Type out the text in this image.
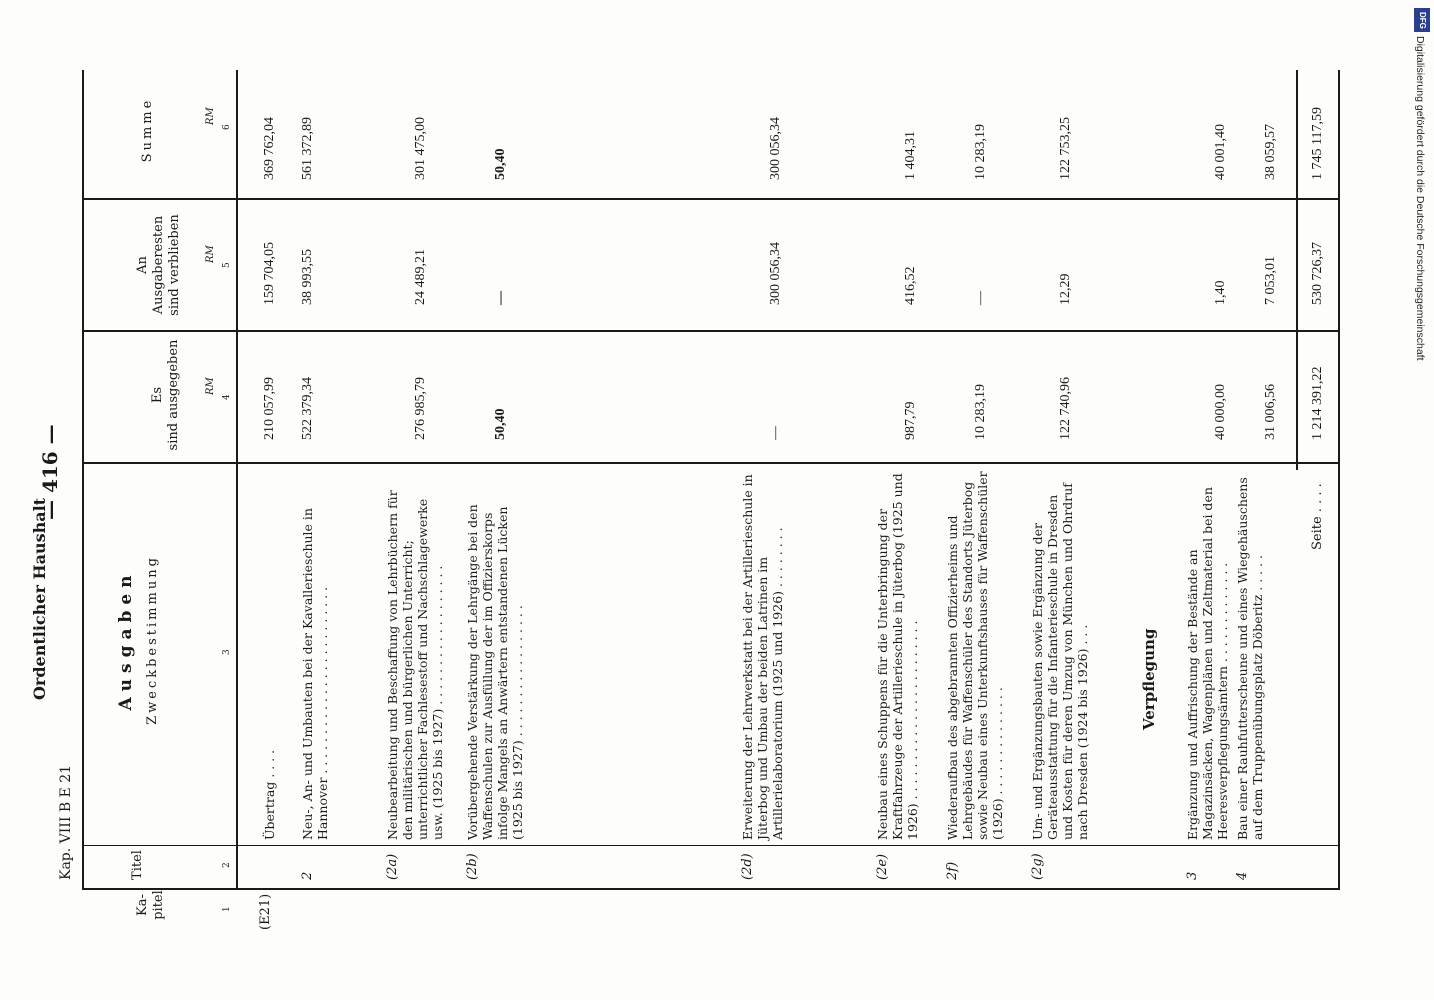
DFG
Digitalisierung gefördert durch die Deutsche Forschungsgemeinschaft
Ordentlicher Haushalt
Kap. VIII B E 21
— 416 —
Ka-
pitel
Titel
Ausgaben Zweckbestimmung
Es
sind ausgegeben
An
Ausgaberesten
sind verblieben
Summe
1
2
3
4
5
6
RM
RM
RM
(E21)
Übertrag . . . .
210 057,99
159 704,05
369 762,04
2
Neu-, An- und Umbauten bei der Kavallerieschule in Hannover . . . . . . . . . . . . . . . . . . . . . . . .
522 379,34
38 993,55
561 372,89
(2a)
Neubearbeitung und Beschaffung von Lehrbüchern für den militärischen und bürgerlichen Unterricht; unterrichtlicher Fachlesestoff und Nachschlagewerke usw. (1925 bis 1927) . . . . . . . . . . . . . . . . . .
276 985,79
24 489,21
301 475,00
(2b)
Vorübergehende Verstärkung der Lehrgänge bei den Waffenschulen zur Ausfüllung der im Offizierskorps infolge Mangels an Anwärtern entstandenen Lücken (1925 bis 1927) . . . . . . . . . . . . . . . . .
50,40
—
50,40
(2d)
Erweiterung der Lehrwerkstatt bei der Artillerieschule in Jüterbog und Umbau der beiden Latrinen im Artillerielaboratorium (1925 und 1926) . . . . . . . .
—
300 056,34
300 056,34
(2e)
Neubau eines Schuppens für die Unterbringung der Kraftfahrzeuge der Artillerieschule in Jüterbog (1925 und 1926) . . . . . . . . . . . . . . . . . . . . . . .
987,79
416,52
1 404,31
2f)
Wiederaufbau des abgebrannten Offizierheims und Lehrgebäudes für Waffenschüler des Standorts Jüterbog sowie Neubau eines Unterkunftshauses für Waffenschüler (1926) . . . . . . . . . . . . . .
10 283,19
—
10 283,19
(2g)
Um- und Ergänzungsbauten sowie Ergänzung der Geräteausstattung für die Infanterieschule in Dresden und Kosten für deren Umzug von München und Ohrdruf nach Dresden (1924 bis 1926) . . .
122 740,96
12,29
122 753,25
Verpflegung
3
Ergänzung und Auffrischung der Bestände an Magazinsäcken, Wagenplänen und Zeltmaterial bei den Heeresverpflegungsämtern . . . . . . . . . . . . .
40 000,00
1,40
40 001,40
4
Bau einer Rauhfutterscheune und eines Wiegehäuschens auf dem Truppenübungsplatz Döberitz . . . . .
31 006,56
7 053,01
38 059,57
Seite . . . .
1 214 391,22
530 726,37
1 745 117,59
